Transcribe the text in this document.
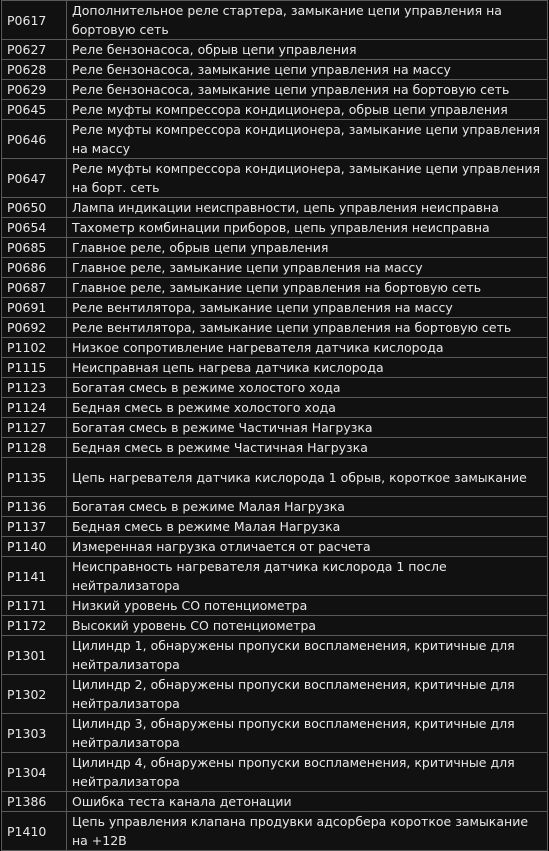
P0617	Дополнительное реле стартера, замыкание цепи управления на бортовую сеть
P0627	Реле бензонасоса, обрыв цепи управления
P0628	Реле бензонасоса, замыкание цепи управления на массу
P0629	Реле бензонасоса, замыкание цепи управления на бортовую сеть
P0645	Реле муфты компрессора кондиционера, обрыв цепи управления
P0646	Реле муфты компрессора кондиционера, замыкание цепи управления на массу
P0647	Реле муфты компрессора кондиционера, замыкание цепи управления на борт. сеть
P0650	Лампа индикации неисправности, цепь управления неисправна
P0654	Тахометр комбинации приборов, цепь управления неисправна
P0685	Главное реле, обрыв цепи управления
P0686	Главное реле, замыкание цепи управления на массу
P0687	Главное реле, замыкание цепи управления на бортовую сеть
P0691	Реле вентилятора, замыкание цепи управления на массу
P0692	Реле вентилятора, замыкание цепи управления на бортовую сеть
P1102	Низкое сопротивление нагревателя датчика кислорода
P1115	Неисправная цепь нагрева датчика кислорода
P1123	Богатая смесь в режиме холостого хода
P1124	Бедная смесь в режиме холостого хода
P1127	Богатая смесь в режиме Частичная Нагрузка
P1128	Бедная смесь в режиме Частичная Нагрузка
P1135	Цепь нагревателя датчика кислорода 1 обрыв, короткое замыкание
P1136	Богатая смесь в режиме Малая Нагрузка
P1137	Бедная смесь в режиме Малая Нагрузка
P1140	Измеренная нагрузка отличается от расчета
P1141	Неисправность нагревателя датчика кислорода 1 после нейтрализатора
P1171	Низкий уровень СО потенциометра
P1172	Высокий уровень СО потенциометра
P1301	Цилиндр 1, обнаружены пропуски воспламенения, критичные для нейтрализатора
P1302	Цилиндр 2, обнаружены пропуски воспламенения, критичные для нейтрализатора
P1303	Цилиндр 3, обнаружены пропуски воспламенения, критичные для нейтрализатора
P1304	Цилиндр 4, обнаружены пропуски воспламенения, критичные для нейтрализатора
P1386	Ошибка теста канала детонации
P1410	Цепь управления клапана продувки адсорбера короткое замыкание на +12В
